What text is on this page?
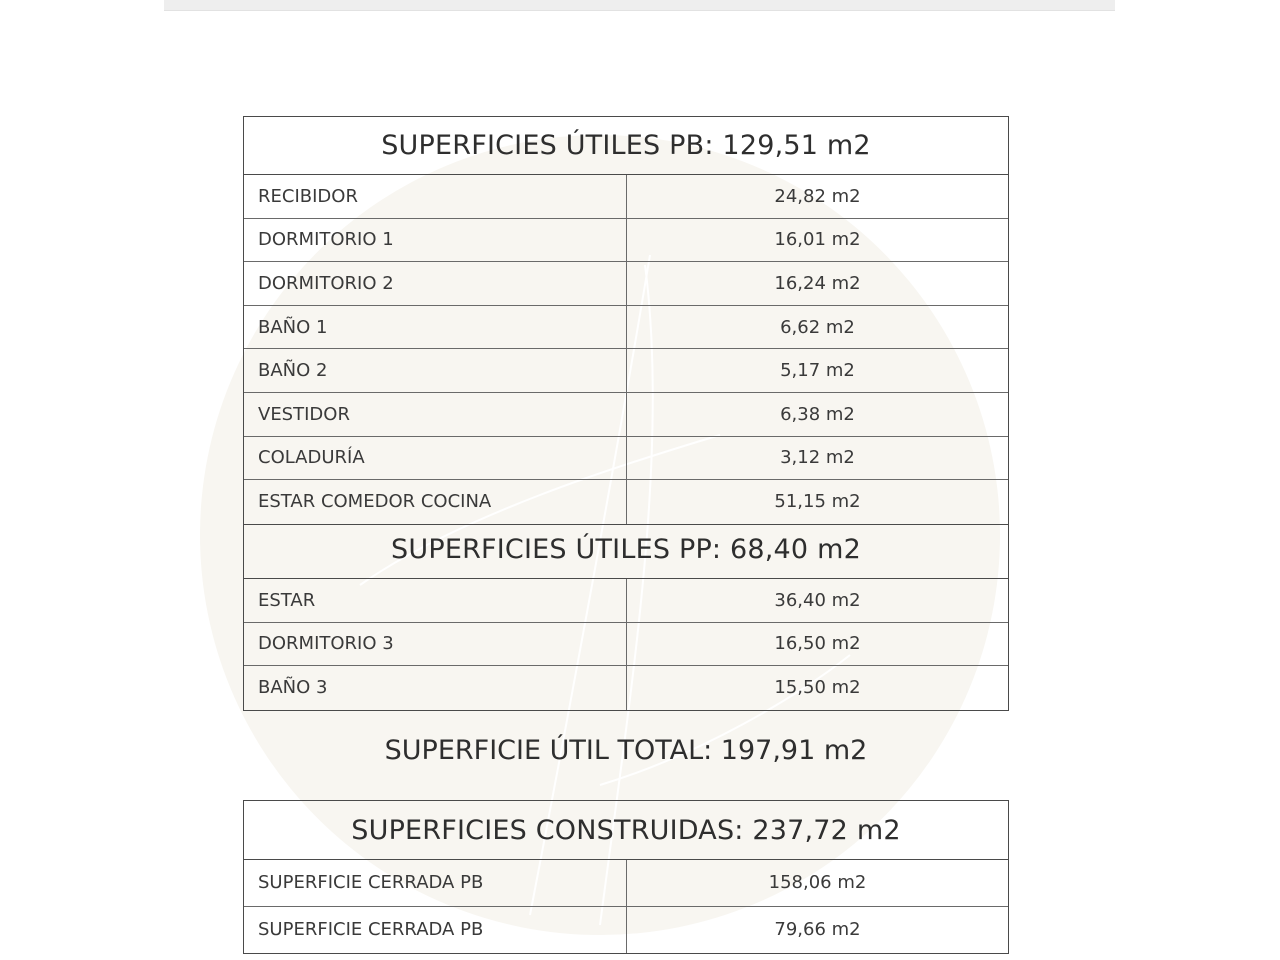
SUPERFICIES ÚTILES PB: 129,51 m2
RECIBIDOR	24,82 m2
DORMITORIO 1	16,01 m2
DORMITORIO 2	16,24 m2
BAÑO 1	6,62 m2
BAÑO 2	5,17 m2
VESTIDOR	6,38 m2
COLADURÍA	3,12 m2
ESTAR COMEDOR COCINA	51,15 m2
SUPERFICIES ÚTILES PP: 68,40 m2
ESTAR	36,40 m2
DORMITORIO 3	16,50 m2
BAÑO 3	15,50 m2
SUPERFICIE ÚTIL TOTAL: 197,91 m2
SUPERFICIES CONSTRUIDAS: 237,72 m2
SUPERFICIE CERRADA PB	158,06 m2
SUPERFICIE CERRADA PB	79,66 m2
